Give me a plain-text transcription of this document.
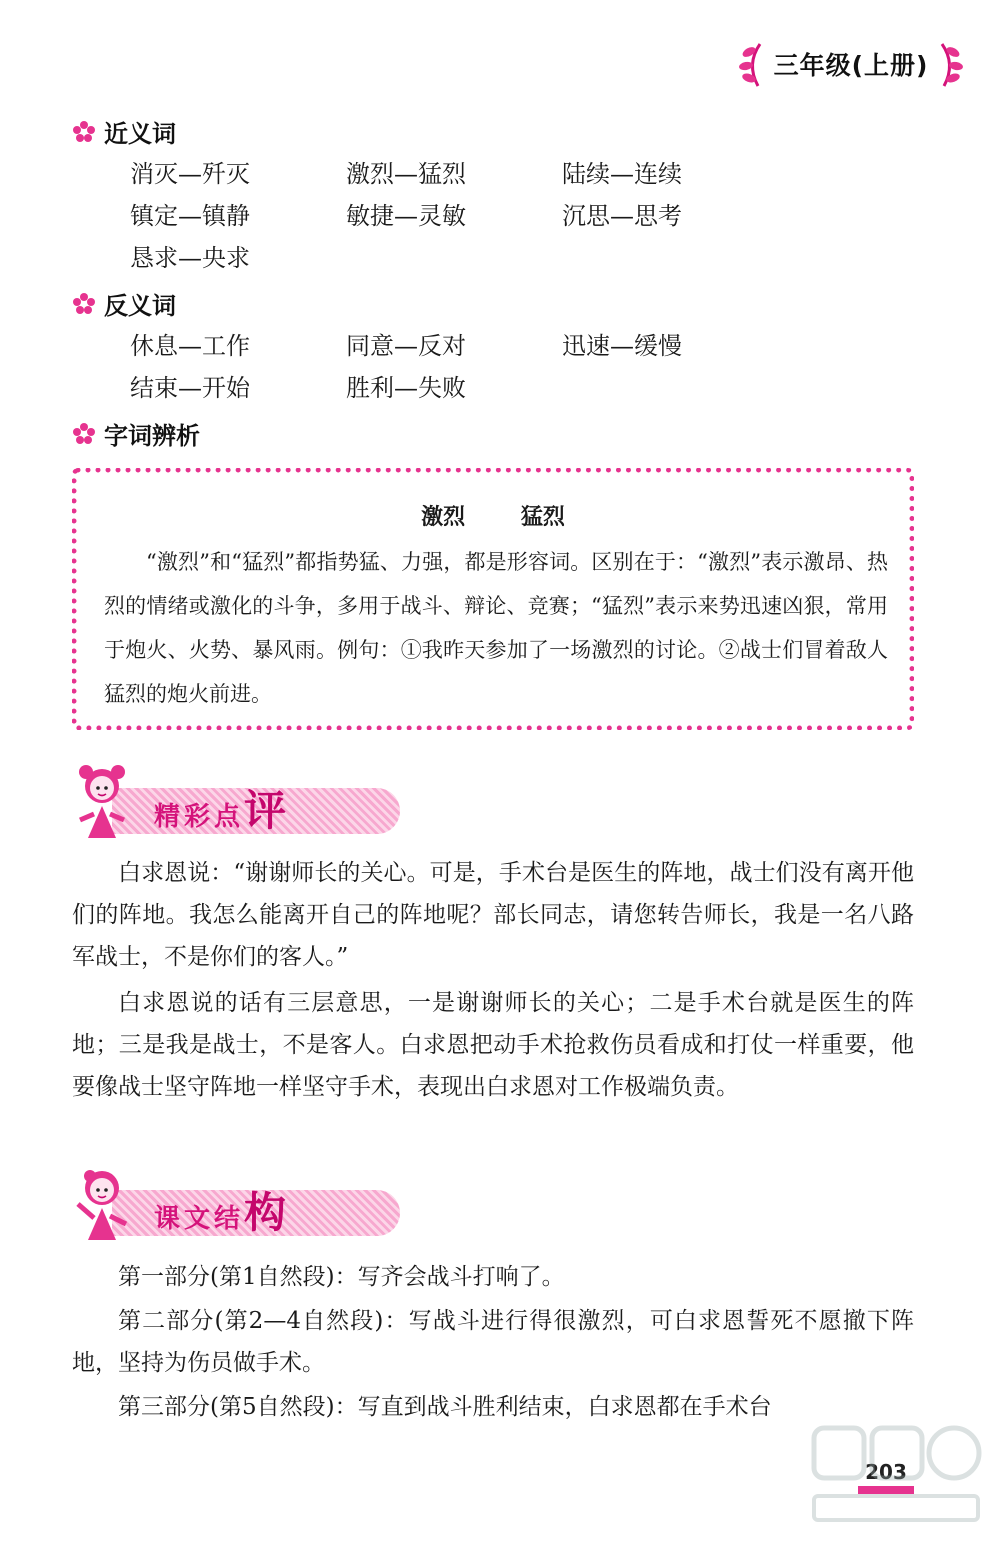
三年级(上册)
近义词
消灭—歼灭	激烈—猛烈	陆续—连续
镇定—镇静	敏捷—灵敏	沉思—思考
恳求—央求
反义词
休息—工作	同意—反对	迅速—缓慢
结束—开始	胜利—失败
字词辨析
激烈 猛烈
“激烈”和“猛烈”都指势猛、力强，都是形容词。区别在于：“激烈”表示激昂、热烈的情绪或激化的斗争，多用于战斗、辩论、竞赛；“猛烈”表示来势迅速凶狠，常用于炮火、火势、暴风雨。例句：①我昨天参加了一场激烈的讨论。②战士们冒着敌人猛烈的炮火前进。
精彩点评
白求恩说：“谢谢师长的关心。可是，手术台是医生的阵地，战士们没有离开他们的阵地。我怎么能离开自己的阵地呢？部长同志，请您转告师长，我是一名八路军战士，不是你们的客人。”
白求恩说的话有三层意思，一是谢谢师长的关心；二是手术台就是医生的阵地；三是我是战士，不是客人。白求恩把动手术抢救伤员看成和打仗一样重要，他要像战士坚守阵地一样坚守手术，表现出白求恩对工作极端负责。
课文结构
第一部分(第1自然段)：写齐会战斗打响了。
第二部分(第2—4自然段)：写战斗进行得很激烈，可白求恩誓死不愿撤下阵地，坚持为伤员做手术。
第三部分(第5自然段)：写直到战斗胜利结束，白求恩都在手术台
203
